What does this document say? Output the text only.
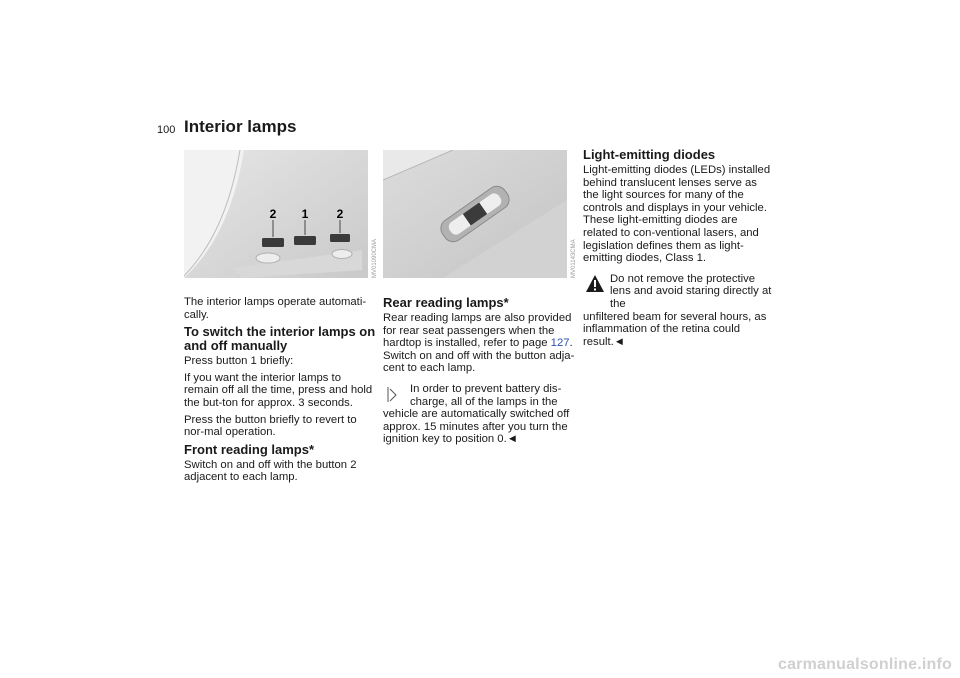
100 Interior lamps
2 1 2
MV01090CMA

The interior lamps operate automati-cally.

To switch the interior lamps on and off manually

Press button 1 briefly:

If you want the interior lamps to remain off all the time, press and hold the but-ton for approx. 3 seconds.

Press the button briefly to revert to nor-mal operation.

Front reading lamps*

Switch on and off with the button 2 adjacent to each lamp.

MV01143CMA
Rear reading lamps*

Rear reading lamps are also provided for rear seat passengers when the hardtop is installed, refer to page 127. Switch on and off with the button adja-cent to each lamp.

In order to prevent battery dis-charge, all of the lamps in the

vehicle are automatically switched off approx. 15 minutes after you turn the ignition key to position 0.◄

Light-emitting diodes

Light-emitting diodes (LEDs) installed behind translucent lenses serve as the light sources for many of the controls and displays in your vehicle. These light-emitting diodes are related to con-ventional lasers, and legislation defines them as light-emitting diodes, Class 1.

Do not remove the protective lens and avoid staring directly at the

unfiltered beam for several hours, as inflammation of the retina could result.◄

carmanualsonline.info
